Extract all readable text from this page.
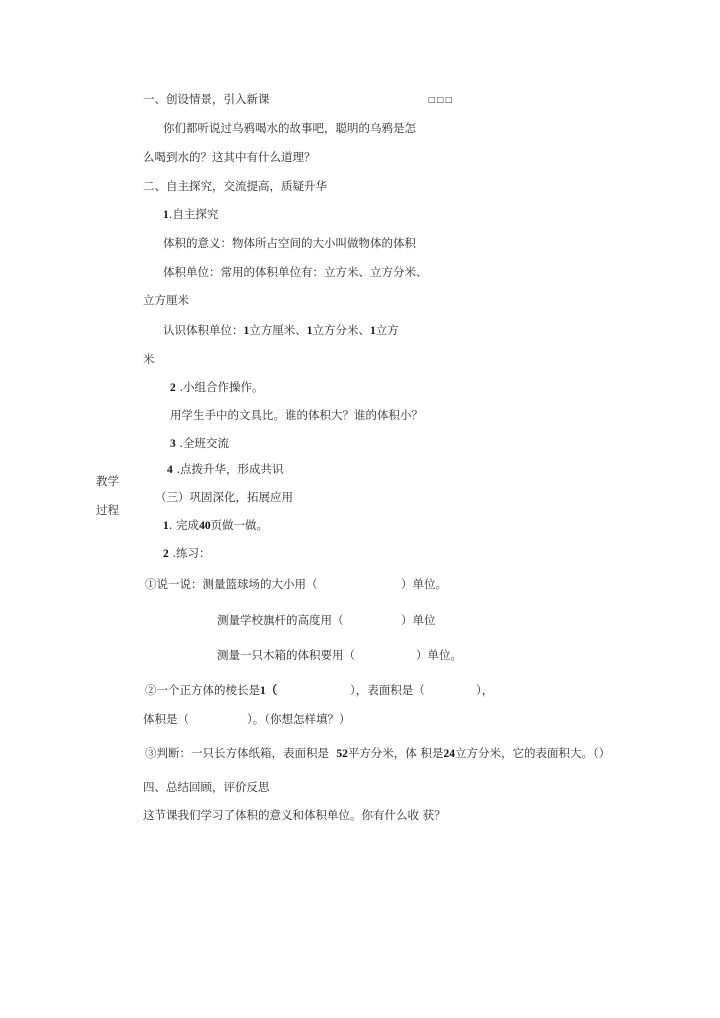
一、创设情景，引入新课	□□□
你们都听说过乌鸦喝水的故事吧，聪明的乌鸦是怎
么喝到水的？这其中有什么道理？
二、自主探究，交流提高，质疑升华
1.自主探究
体积的意义：物体所占空间的大小叫做物体的体积
体积单位：常用的体积单位有：立方米、立方分米、
立方厘米
认识体积单位：1立方厘米、1立方分米、1立方
米
2 .小组合作操作。
用学生手中的文具比。谁的体积大？谁的体积小？
3 .全班交流
4 .点拨升华，形成共识
教学
过程
（三）巩固深化，拓展应用
1. 完成40页做一做。
2 .练习：
①说一说：测量篮球场的大小用（	）单位。
测量学校旗杆的高度用（	）单位
测量一只木箱的体积要用（	）单位。
②一个正方体的棱长是1（	），表面积是（	），
体积是（	）。（你想怎样填？）
③判断：一只长方体纸箱，表面积是 52平方分米，体 积是24立方分米，它的表面积大。（）
四、总结回顾，评价反思
这节课我们学习了体积的意义和体积单位。你有什么收 获？
